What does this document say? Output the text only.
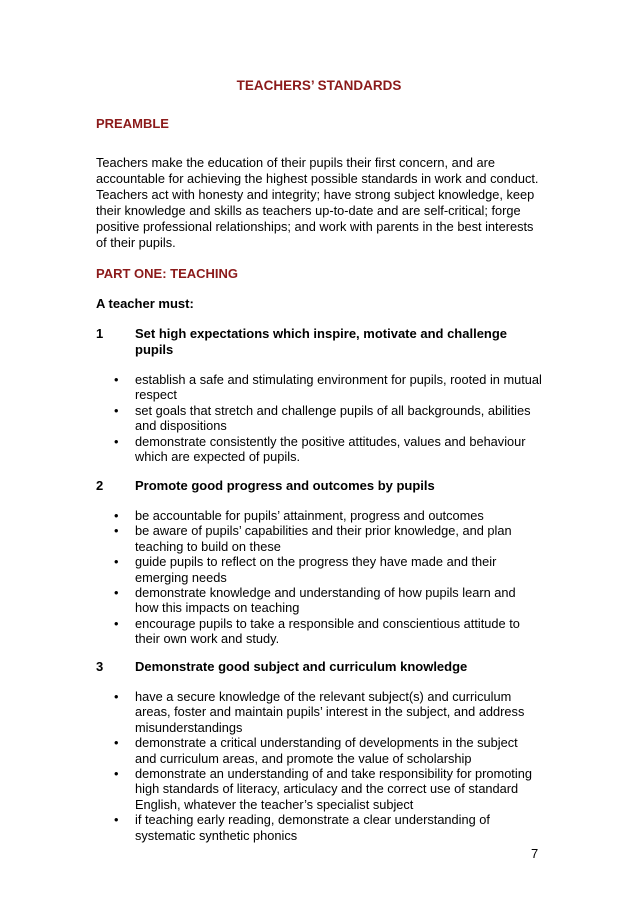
TEACHERS’ STANDARDS
PREAMBLE
Teachers make the education of their pupils their first concern, and are accountable for achieving the highest possible standards in work and conduct. Teachers act with honesty and integrity; have strong subject knowledge, keep their knowledge and skills as teachers up-to-date and are self-critical; forge positive professional relationships; and work with parents in the best interests of their pupils.
PART ONE: TEACHING
A teacher must:
1 Set high expectations which inspire, motivate and challenge pupils
• establish a safe and stimulating environment for pupils, rooted in mutual respect
• set goals that stretch and challenge pupils of all backgrounds, abilities and dispositions
• demonstrate consistently the positive attitudes, values and behaviour which are expected of pupils.
2 Promote good progress and outcomes by pupils
• be accountable for pupils’ attainment, progress and outcomes
• be aware of pupils’ capabilities and their prior knowledge, and plan teaching to build on these
• guide pupils to reflect on the progress they have made and their emerging needs
• demonstrate knowledge and understanding of how pupils learn and how this impacts on teaching
• encourage pupils to take a responsible and conscientious attitude to their own work and study.
3 Demonstrate good subject and curriculum knowledge
• have a secure knowledge of the relevant subject(s) and curriculum areas, foster and maintain pupils’ interest in the subject, and address misunderstandings
• demonstrate a critical understanding of developments in the subject and curriculum areas, and promote the value of scholarship
• demonstrate an understanding of and take responsibility for promoting high standards of literacy, articulacy and the correct use of standard English, whatever the teacher’s specialist subject
• if teaching early reading, demonstrate a clear understanding of systematic synthetic phonics
7
